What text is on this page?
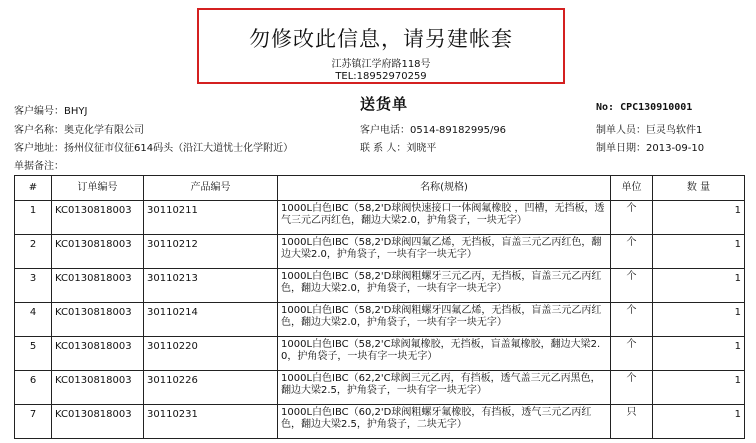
勿修改此信息，请另建帐套
江苏镇江学府路118号
TEL:18952970259
送货单	No: CPC130910001
客户编号：BHYJ
客户名称：奥克化学有限公司
客户地址：扬州仪征市仪征614码头（沿江大道忧士化学附近）
单据备注：
客户电话：0514-89182995/96
联 系 人：刘晓平
制单人员：巨灵鸟软件1
制单日期：2013-09-10
#	订单编号	产品编号	名称(规格)	单位	数 量
1	KC0130818003	30110211	1000L白色IBC（58,2'D球阀快速接口一体阀氟橡胶 ，凹槽，无挡板，透气三元乙丙红色，翻边大梁2.0，护角袋子，一块无字）	个	1
2	KC0130818003	30110212	1000L白色IBC（58,2'D球阀四氟乙烯，无挡板，盲盖三元乙丙红色，翻边大梁2.0，护角袋子，一块有字一块无字）	个	1
3	KC0130818003	30110213	1000L白色IBC（58,2'D球阀粗螺牙三元乙丙，无挡板，盲盖三元乙丙红色，翻边大梁2.0，护角袋子，一块有字一块无字）	个	1
4	KC0130818003	30110214	1000L白色IBC（58,2'D球阀粗螺牙四氟乙烯，无挡板，盲盖三元乙丙红色，翻边大梁2.0，护角袋子，一块有字一块无字）	个	1
5	KC0130818003	30110220	1000L白色IBC（58,2'C球阀氟橡胶，无挡板，盲盖氟橡胶，翻边大梁2.0，护角袋子，一块有字一块无字）	个	1
6	KC0130818003	30110226	1000L白色IBC（62,2'C球阀三元乙丙，有挡板，透气盖三元乙丙黑色，翻边大梁2.5，护角袋子，一块有字一块无字）	个	1
7	KC0130818003	30110231	1000L白色IBC（60,2'D球阀粗螺牙氟橡胶，有挡板，透气三元乙丙红色，翻边大梁2.5，护角袋子，二块无字）	只	1
